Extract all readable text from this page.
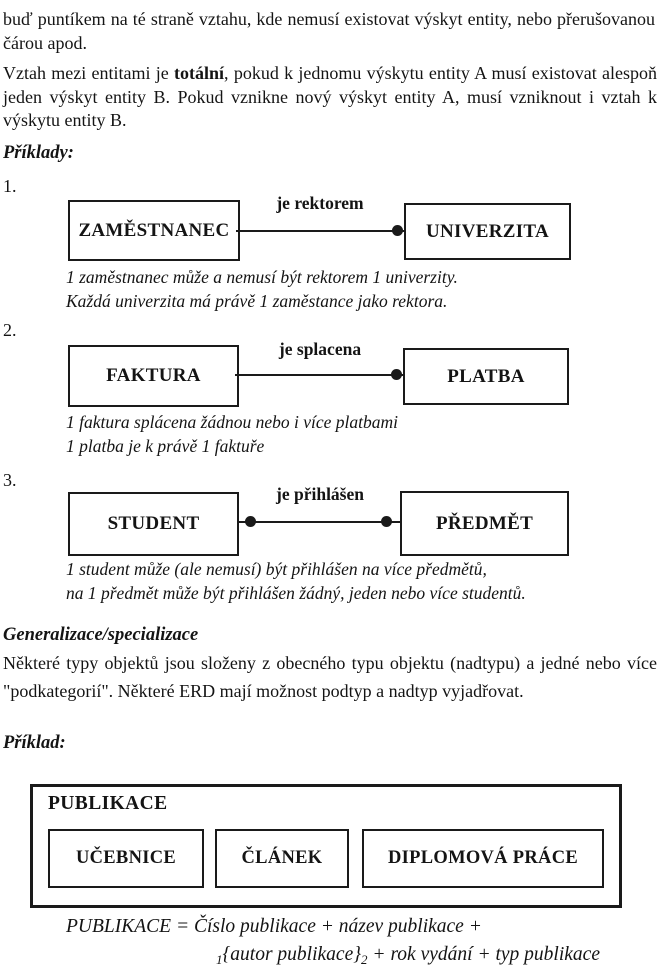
buď puntíkem na té straně vztahu, kde nemusí existovat výskyt entity, nebo přerušovanou čárou apod.
Vztah mezi entitami je totální, pokud k jednomu výskytu entity A musí existovat alespoň jeden výskyt entity B. Pokud vznikne nový výskyt entity A, musí vzniknout i vztah k výskytu entity B.
Příklady:
1.
ZAMĚSTNANEC	UNIVERZITA
je rektorem
1 zaměstnanec může a nemusí být rektorem 1 univerzity.
Každá univerzita má právě 1 zaměstance jako rektora.
2.
FAKTURA	PLATBA
je splacena
1 faktura splácena žádnou nebo i více platbami
1 platba je k právě 1 faktuře
3.
STUDENT	PŘEDMĚT
je přihlášen
1 student může (ale nemusí) být přihlášen na více předmětů,
na 1 předmět může být přihlášen žádný, jeden nebo více studentů.
Generalizace/specializace
Některé typy objektů jsou složeny z obecného typu objektu (nadtypu) a jedné nebo více "podkategorií". Některé ERD mají možnost podtyp a nadtyp vyjadřovat.
Příklad:
PUBLIKACE
UČEBNICE	ČLÁNEK	DIPLOMOVÁ PRÁCE
PUBLIKACE = Číslo publikace + název publikace +
$_1${autor $publikace\}_2$ + rok vydání + typ publikace
